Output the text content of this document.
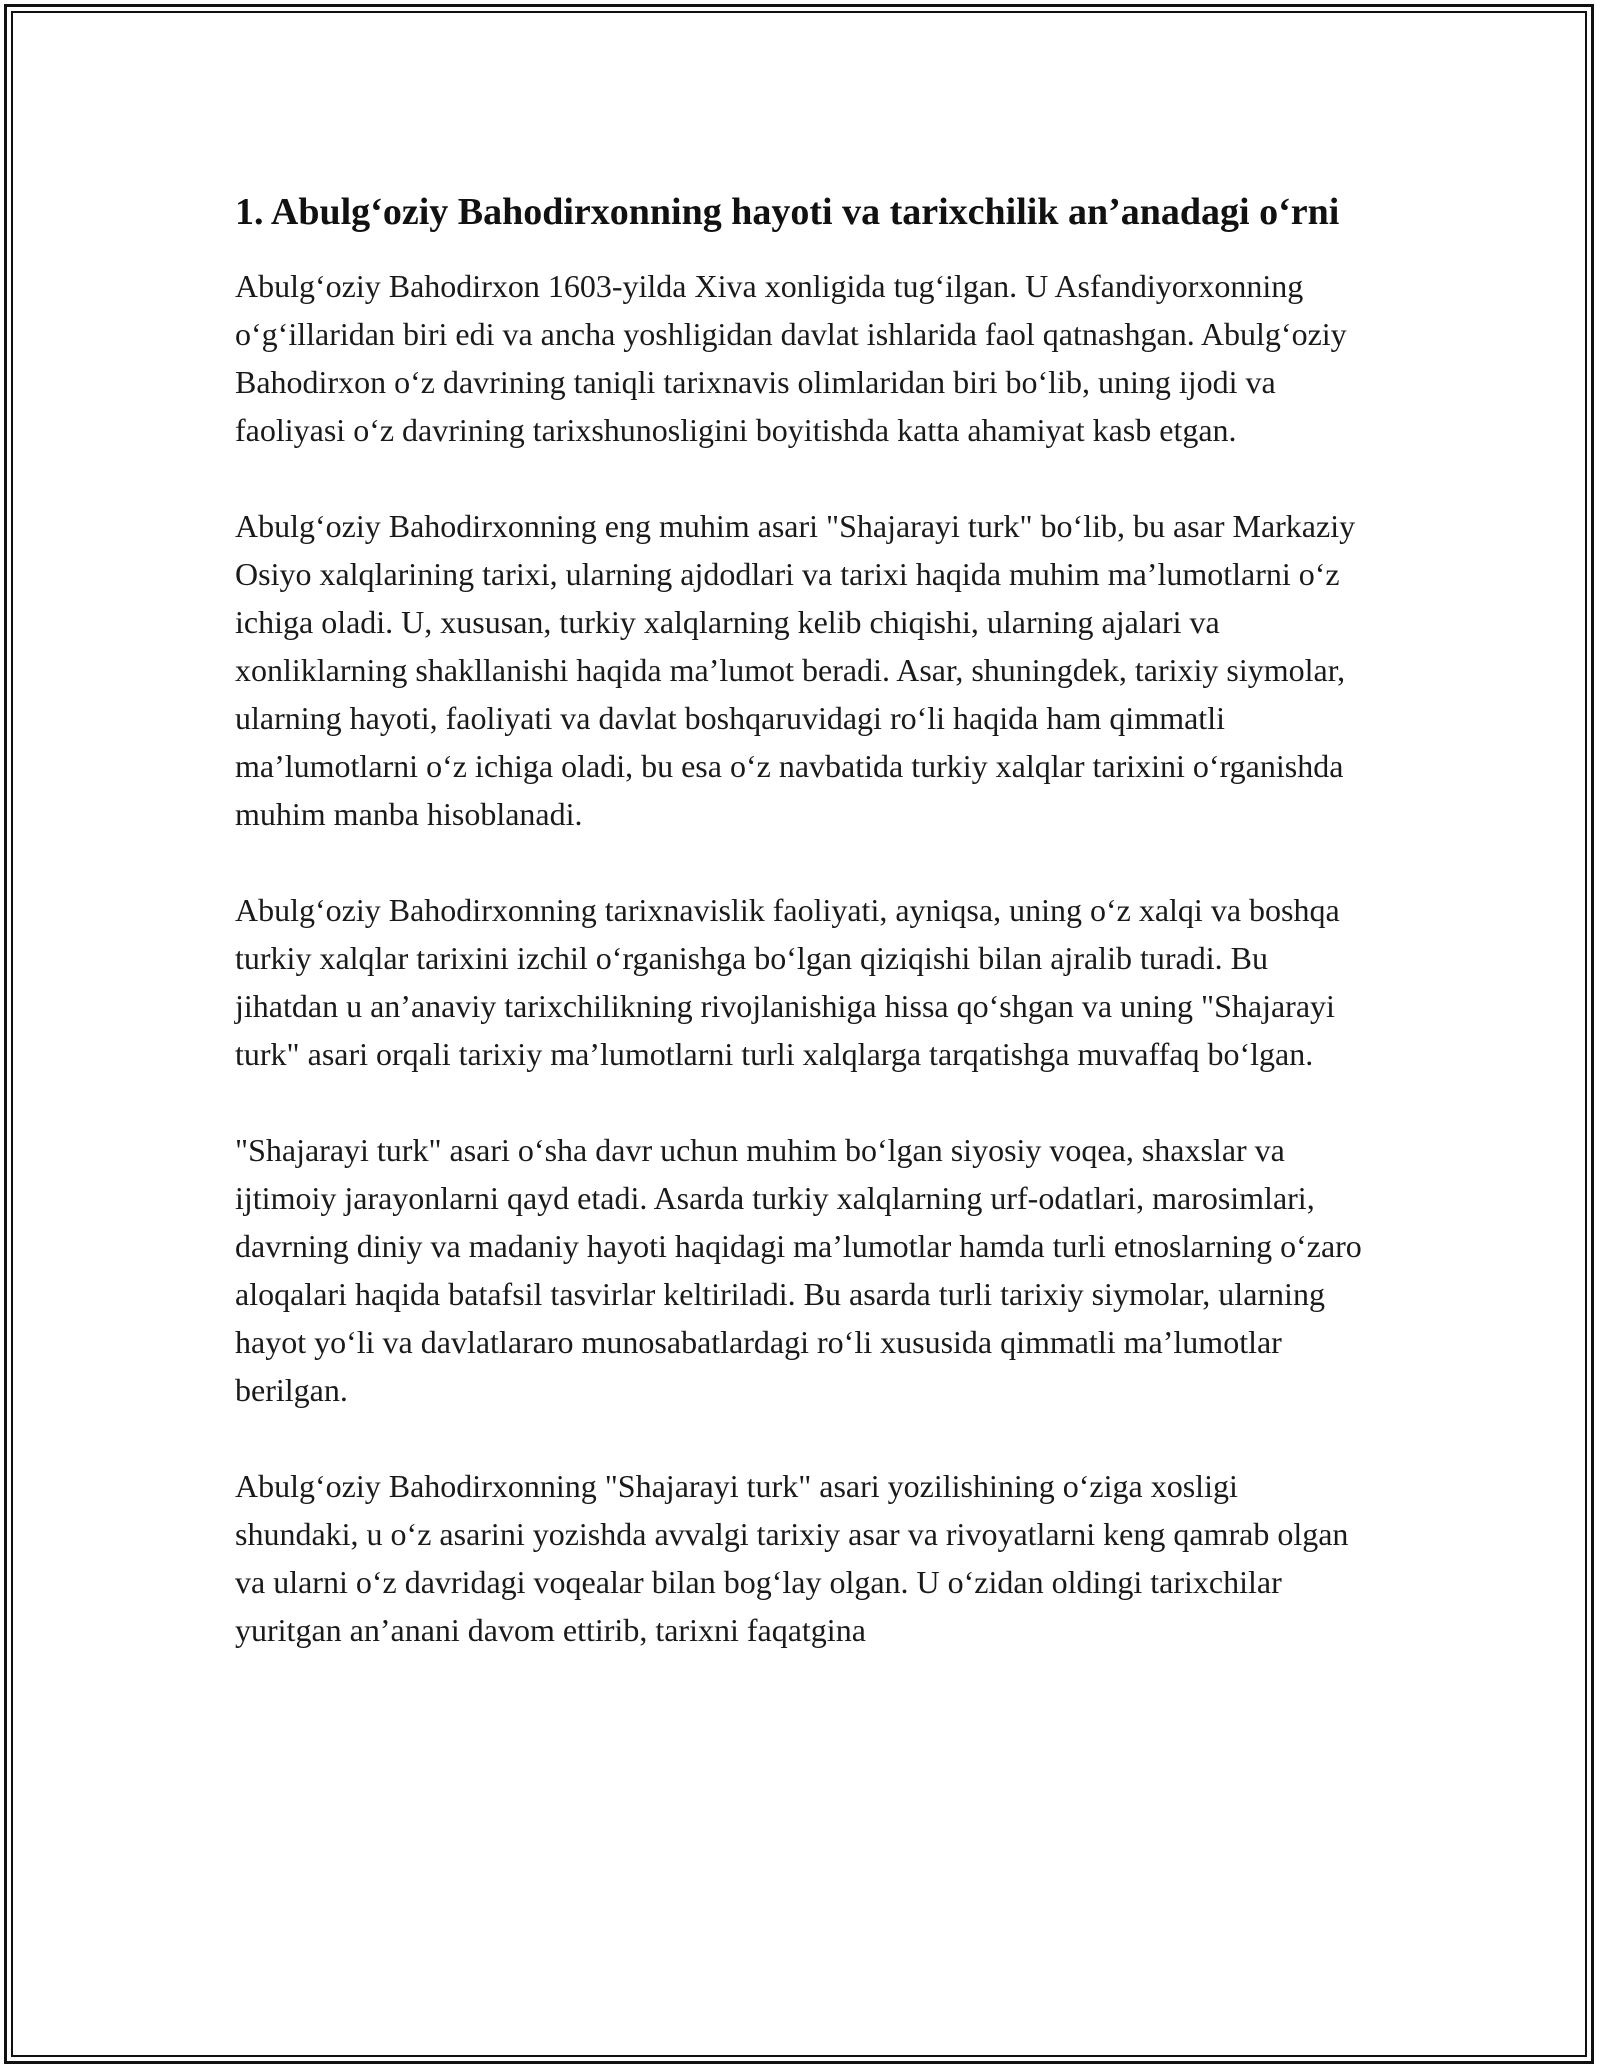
1. Abulg‘oziy Bahodirxonning hayoti va tarixchilik an’anadagi o‘rni

Abulg‘oziy Bahodirxon 1603-yilda Xiva xonligida tug‘ilgan. U Asfandiyorxonning o‘g‘illaridan biri edi va ancha yoshligidan davlat ishlarida faol qatnashgan. Abulg‘oziy Bahodirxon o‘z davrining taniqli tarixnavis olimlaridan biri bo‘lib, uning ijodi va faoliyasi o‘z davrining tarixshunosligini boyitishda katta ahamiyat kasb etgan.

Abulg‘oziy Bahodirxonning eng muhim asari "Shajarayi turk" bo‘lib, bu asar Markaziy Osiyo xalqlarining tarixi, ularning ajdodlari va tarixi haqida muhim ma’lumotlarni o‘z ichiga oladi. U, xususan, turkiy xalqlarning kelib chiqishi, ularning ajalari va xonliklarning shakllanishi haqida ma’lumot beradi. Asar, shuningdek, tarixiy siymolar, ularning hayoti, faoliyati va davlat boshqaruvidagi ro‘li haqida ham qimmatli ma’lumotlarni o‘z ichiga oladi, bu esa o‘z navbatida turkiy xalqlar tarixini o‘rganishda muhim manba hisoblanadi.

Abulg‘oziy Bahodirxonning tarixnavislik faoliyati, ayniqsa, uning o‘z xalqi va boshqa turkiy xalqlar tarixini izchil o‘rganishga bo‘lgan qiziqishi bilan ajralib turadi. Bu jihatdan u an’anaviy tarixchilikning rivojlanishiga hissa qo‘shgan va uning "Shajarayi turk" asari orqali tarixiy ma’lumotlarni turli xalqlarga tarqatishga muvaffaq bo‘lgan.

"Shajarayi turk" asari o‘sha davr uchun muhim bo‘lgan siyosiy voqea, shaxslar va ijtimoiy jarayonlarni qayd etadi. Asarda turkiy xalqlarning urf-odatlari, marosimlari, davrning diniy va madaniy hayoti haqidagi ma’lumotlar hamda turli etnoslarning o‘zaro aloqalari haqida batafsil tasvirlar keltiriladi. Bu asarda turli tarixiy siymolar, ularning hayot yo‘li va davlatlararo munosabatlardagi ro‘li xususida qimmatli ma’lumotlar berilgan.

Abulg‘oziy Bahodirxonning "Shajarayi turk" asari yozilishining o‘ziga xosligi shundaki, u o‘z asarini yozishda avvalgi tarixiy asar va rivoyatlarni keng qamrab olgan va ularni o‘z davridagi voqealar bilan bog‘lay olgan. U o‘zidan oldingi tarixchilar yuritgan an’anani davom ettirib, tarixni faqatgina
